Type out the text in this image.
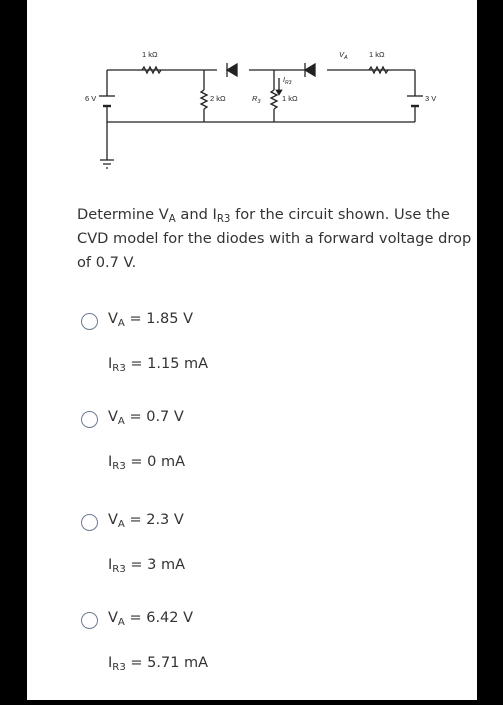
1 kΩ	1 kΩ
6 V	3 V
2 kΩ	$R_3$	1 kΩ
$I_{R3}$
$V_A$

Determine $V_A$ and $I_{R3}$ for the circuit shown. Use the CVD model for the diodes with a forward voltage drop of 0.7 V.

$V_A = 1.85$ V
$I_{R3} = 1.15$ mA
$V_A = 0.7$ V
$I_{R3} = 0$ mA
$V_A = 2.3$ V
$I_{R3} = 3$ mA
$V_A = 6.42$ V
$I_{R3} = 5.71$ mA
